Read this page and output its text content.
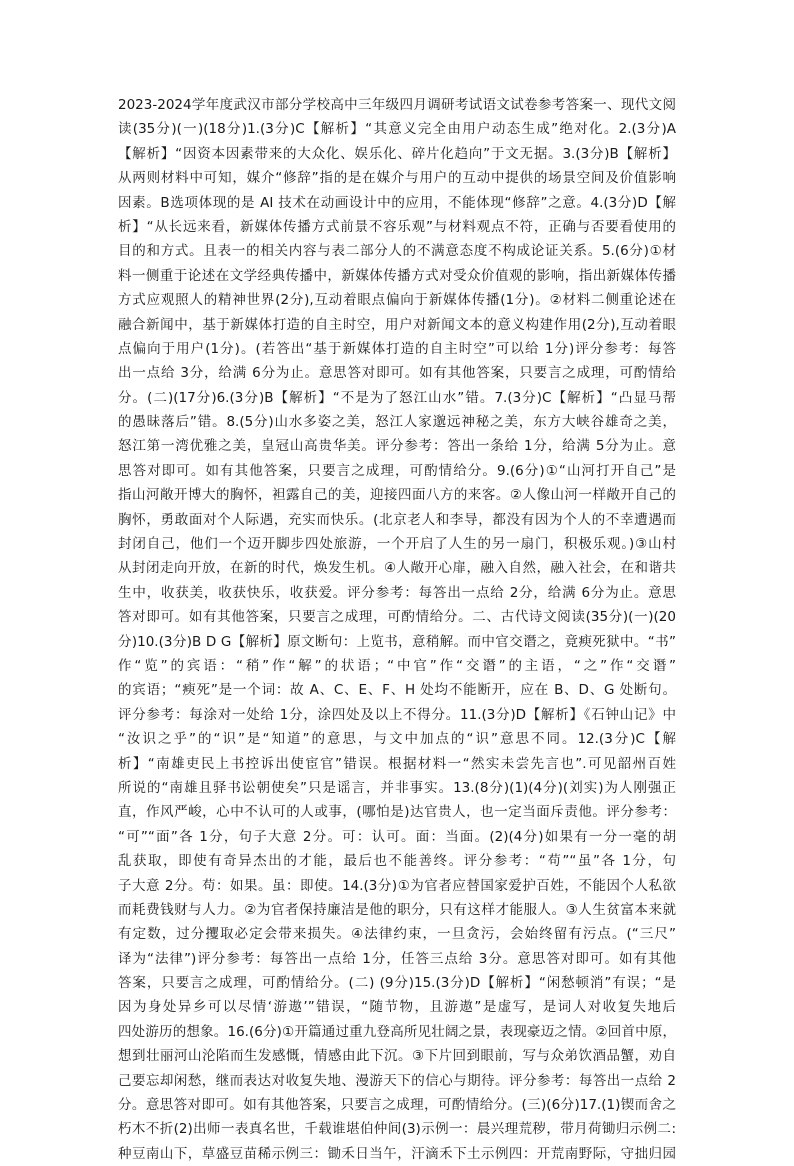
2023-2024学年度武汉市部分学校高中三年级四月调研考试语文试卷参考答案一、现代文阅
读(35分)(一)(18分)1.(3分)C【解析】“其意义完全由用户动态生成”绝对化。2.(3分)A
【解析】“因资本因素带来的大众化、娱乐化、碎片化趋向”于文无据。3.(3分)B【解析】
从两则材料中可知，媒介“修辞”指的是在媒介与用户的互动中提供的场景空间及价值影响
因素。B选项体现的是 AI 技术在动画设计中的应用，不能体现“修辞”之意。4.(3分)D【解
析】“从长远来看，新媒体传播方式前景不容乐观”与材料观点不符，正确与否要看使用的
目的和方式。且表一的相关内容与表二部分人的不满意态度不构成论证关系。5.(6分)①材
料一侧重于论述在文学经典传播中，新媒体传播方式对受众价值观的影响，指出新媒体传播
方式应观照人的精神世界(2分),互动着眼点偏向于新媒体传播(1分)。②材料二侧重论述在
融合新闻中，基于新媒体打造的自主时空，用户对新闻文本的意义构建作用(2分),互动着眼
点偏向于用户(1分)。(若答出“基于新媒体打造的自主时空”可以给 1分)评分参考：每答
出一点给 3分，给满 6分为止。意思答对即可。如有其他答案，只要言之成理，可酌情给
分。(二)(17分)6.(3分)B【解析】“不是为了怒江山水”错。7.(3分)C【解析】“凸显马帮
的愚昧落后”错。8.(5分)山水多姿之美，怒江人家邈远神秘之美，东方大峡谷雄奇之美，
怒江第一湾优雅之美，皇冠山高贵华美。评分参考：答出一条给 1分，给满 5分为止。意
思答对即可。如有其他答案，只要言之成理，可酌情给分。9.(6分)①“山河打开自己”是
指山河敞开博大的胸怀，袒露自己的美，迎接四面八方的来客。②人像山河一样敞开自己的
胸怀，勇敢面对个人际遇，充实而快乐。(北京老人和李导，都没有因为个人的不幸遭遇而
封闭自己，他们一个迈开脚步四处旅游，一个开启了人生的另一扇门，积极乐观。)③山村
从封闭走向开放，在新的时代，焕发生机。④人敞开心扉，融入自然，融入社会，在和谐共
生中，收获美，收获快乐，收获爱。评分参考：每答出一点给 2分，给满 6分为止。意思
答对即可。如有其他答案，只要言之成理，可酌情给分。二、古代诗文阅读(35分)(一)(20
分)10.(3分)B D G【解析】原文断句：上览书，意稍解。而中官交谮之，竟瘐死狱中。“书”
作“览”的宾语：“稍”作“解”的状语；“中官”作“交谮”的主语，“之”作“交谮”
的宾语；“瘐死”是一个词：故 A、C、E、F、H 处均不能断开，应在 B、D、G 处断句。
评分参考：每涂对一处给 1分，涂四处及以上不得分。11.(3分)D【解析】《石钟山记》中
“汝识之乎”的“识”是“知道”的意思，与文中加点的“识”意思不同。12.(3分)C【解
析】“南雄吏民上书控诉出使宦官”错误。根据材料一“然实未尝先言也”.可见韶州百姓
所说的“南雄且驿书讼朝使矣”只是谣言，并非事实。13.(8分)(1)(4分)(刘实)为人刚强正
直，作风严峻，心中不认可的人或事，(哪怕是)达官贵人，也一定当面斥责他。评分参考：
“可”“面”各 1分，句子大意 2分。可：认可。面：当面。(2)(4分)如果有一分一毫的胡
乱获取，即使有奇异杰出的才能，最后也不能善终。评分参考：“苟”“虽”各 1分，句
子大意 2分。苟：如果。虽：即使。14.(3分)①为官者应替国家爱护百姓，不能因个人私欲
而耗费钱财与人力。②为官者保持廉洁是他的职分，只有这样才能服人。③人生贫富本来就
有定数，过分攫取必定会带来损失。④法律约束，一旦贪污，会始终留有污点。(“三尺”
译为“法律”)评分参考：每答出一点给 1分，任答三点给 3分。意思答对即可。如有其他
答案，只要言之成理，可酌情给分。(二) (9分)15.(3分)D【解析】“闲愁顿消”有误；“是
因为身处异乡可以尽情‘游遨’”错误，“随节物，且游遨”是虚写，是词人对收复失地后
四处游历的想象。16.(6分)①开篇通过重九登高所见壮阔之景，表现豪迈之情。②回首中原，
想到壮丽河山沦陷而生发感慨，情感由此下沉。③下片回到眼前，写与众弟饮酒品蟹，劝自
己要忘却闲愁，继而表达对收复失地、漫游天下的信心与期待。评分参考：每答出一点给 2
分。意思答对即可。如有其他答案，只要言之成理，可酌情给分。(三)(6分)17.(1)锲而舍之
朽木不折(2)出师一表真名世，千载谁堪伯仲间(3)示例一：晨兴理荒秽，带月荷锄归示例二:
种豆南山下，草盛豆苗稀示例三：锄禾日当午，汗滴禾下土示例四：开荒南野际，守拙归园
